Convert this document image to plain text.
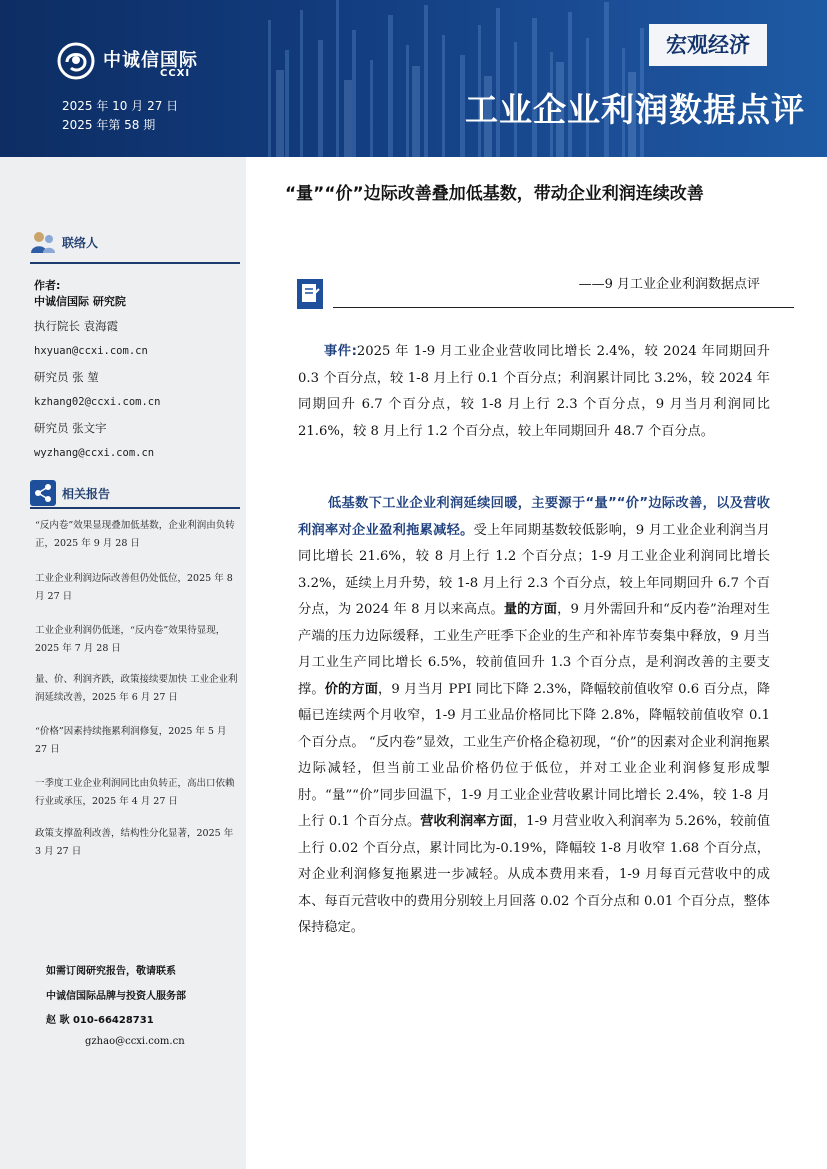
中诚信国际
CCXI
2025 年 10 月 27 日
2025 年第 58 期
宏观经济
工业企业利润数据点评
联络人
作者:
中诚信国际 研究院
执行院长 袁海霞
hxyuan@ccxi.com.cn
研究员 张 堃
kzhang02@ccxi.com.cn
研究员 张文宇
wyzhang@ccxi.com.cn
相关报告
“反内卷”效果显现叠加低基数，企业利润由负转正，2025 年 9 月 28 日
工业企业利润边际改善但仍处低位，2025 年 8 月 27 日
工业企业利润仍低迷，“反内卷”效果待显现，2025 年 7 月 28 日
量、价、利润齐跌，政策接续要加快 工业企业利润延续改善，2025 年 6 月 27 日
“价格”因素持续拖累利润修复，2025 年 5 月 27 日
一季度工业企业利润同比由负转正，高出口依赖行业或承压，2025 年 4 月 27 日
政策支撑盈利改善，结构性分化显著，2025 年 3 月 27 日
如需订阅研究报告，敬请联系
中诚信国际品牌与投资人服务部
赵 耿 010-66428731
gzhao@ccxi.com.cn
“量”“价”边际改善叠加低基数，带动企业利润连续改善
——9 月工业企业利润数据点评

事件:2025 年 1-9 月工业企业营收同比增长 2.4%，较 2024 年同期回升 0.3 个百分点，较 1-8 月上行 0.1 个百分点；利润累计同比 3.2%，较 2024 年同期回升 6.7 个百分点，较 1-8 月上行 2.3 个百分点，9 月当月利润同比 21.6%，较 8 月上行 1.2 个百分点，较上年同期回升 48.7 个百分点。

低基数下工业企业利润延续回暖，主要源于“量”“价”边际改善，以及营收利润率对企业盈利拖累减轻。受上年同期基数较低影响，9 月工业企业利润当月同比增长 21.6%，较 8 月上行 1.2 个百分点；1-9 月工业企业利润同比增长 3.2%，延续上月升势，较 1-8 月上行 2.3 个百分点，较上年同期回升 6.7 个百分点，为 2024 年 8 月以来高点。量的方面，9 月外需回升和“反内卷”治理对生产端的压力边际缓释，工业生产旺季下企业的生产和补库节奏集中释放，9 月当月工业生产同比增长 6.5%，较前值回升 1.3 个百分点，是利润改善的主要支撑。价的方面，9 月当月 PPI 同比下降 2.3%，降幅较前值收窄 0.6 百分点，降幅已连续两个月收窄，1-9 月工业品价格同比下降 2.8%，降幅较前值收窄 0.1 个百分点。 “反内卷”显效，工业生产价格企稳初现，“价”的因素对企业利润拖累边际减轻，但当前工业品价格仍位于低位，并对工业企业利润修复形成掣肘。“量”“价”同步回温下，1-9 月工业企业营收累计同比增长 2.4%，较 1-8 月上行 0.1 个百分点。营收利润率方面，1-9 月营业收入利润率为 5.26%，较前值上行 0.02 个百分点，累计同比为-0.19%，降幅较 1-8 月收窄 1.68 个百分点，对企业利润修复拖累进一步减轻。从成本费用来看，1-9 月每百元营收中的成本、每百元营收中的费用分别较上月回落 0.02 个百分点和 0.01 个百分点，整体保持稳定。
